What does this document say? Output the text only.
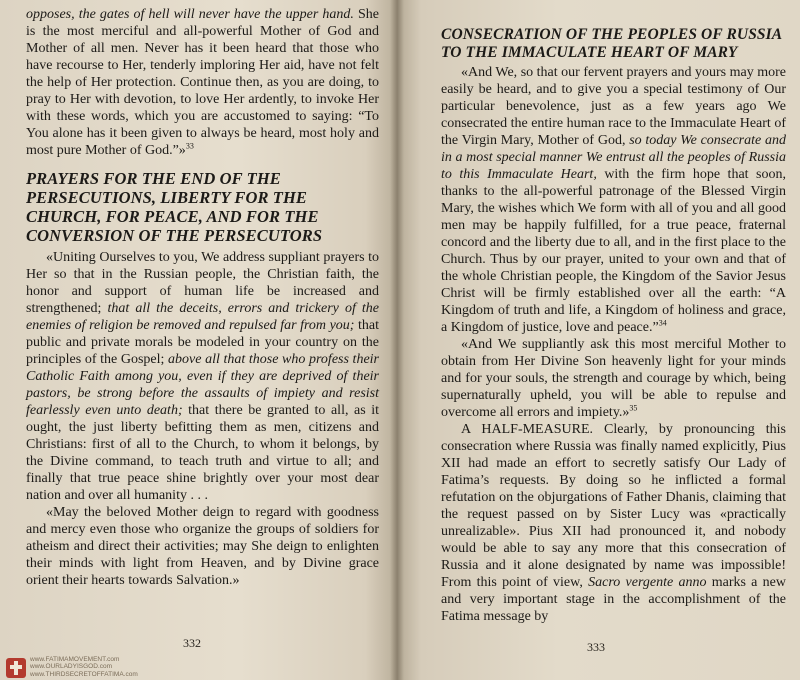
opposes, the gates of hell will never have the upper hand. She is the most merciful and all-powerful Mother of God and Mother of all men. Never has it been heard that those who have recourse to Her, tenderly imploring Her aid, have not felt the help of Her protection. Continue then, as you are doing, to pray to Her with devotion, to love Her ardently, to invoke Her with these words, which you are accustomed to saying: “To You alone has it been given to always be heard, most holy and most pure Mother of God.”»$^{33}$

PRAYERS FOR THE END OF THE PERSECUTIONS, LIBERTY FOR THE CHURCH, FOR PEACE, AND FOR THE CONVERSION OF THE PERSECUTORS

«Uniting Ourselves to you, We address suppliant prayers to Her so that in the Russian people, the Christian faith, the honor and support of human life be increased and strengthened; that all the deceits, errors and trickery of the enemies of religion be removed and repulsed far from you; that public and private morals be modeled in your country on the principles of the Gospel; above all that those who profess their Catholic Faith among you, even if they are deprived of their pastors, be strong before the assaults of impiety and resist fearlessly even unto death; that there be granted to all, as it ought, the just liberty befitting them as men, citizens and Christians: first of all to the Church, to whom it belongs, by the Divine command, to teach truth and virtue to all; and finally that true peace shine brightly over your most dear nation and over all humanity . . .

«May the beloved Mother deign to regard with goodness and mercy even those who organize the groups of soldiers for atheism and direct their activities; may She deign to enlighten their minds with light from Heaven, and by Divine grace orient their hearts towards Salvation.»

332
www.FATIMAMOVEMENT.com
www.OURLADYISGOD.com
www.THIRDSECRETOFFATIMA.com
CONSECRATION OF THE PEOPLES OF RUSSIA TO THE IMMACULATE HEART OF MARY

«And We, so that our fervent prayers and yours may more easily be heard, and to give you a special testimony of Our particular benevolence, just as a few years ago We consecrated the entire human race to the Immaculate Heart of the Virgin Mary, Mother of God, so today We consecrate and in a most special manner We entrust all the peoples of Russia to this Immaculate Heart, with the firm hope that soon, thanks to the all-powerful patronage of the Blessed Virgin Mary, the wishes which We form with all of you and all good men may be happily fulfilled, for a true peace, fraternal concord and the liberty due to all, and in the first place to the Church. Thus by our prayer, united to your own and that of the whole Christian people, the Kingdom of the Savior Jesus Christ will be firmly established over all the earth: “A Kingdom of truth and life, a Kingdom of holiness and grace, a Kingdom of justice, love and peace.”$^{34}$

«And We suppliantly ask this most merciful Mother to obtain from Her Divine Son heavenly light for your minds and for your souls, the strength and courage by which, being supernaturally upheld, you will be able to repulse and overcome all errors and impiety.»$^{35}$

A HALF-MEASURE. Clearly, by pronouncing this consecration where Russia was finally named explicitly, Pius XII had made an effort to secretly satisfy Our Lady of Fatima’s requests. By doing so he inflicted a formal refutation on the objurgations of Father Dhanis, claiming that the request passed on by Sister Lucy was «practically unrealizable». Pius XII had pronounced it, and nobody would be able to say any more that this consecration of Russia and it alone designated by name was impossible! From this point of view, Sacro vergente anno marks a new and very important stage in the accomplishment of the Fatima message by

333
